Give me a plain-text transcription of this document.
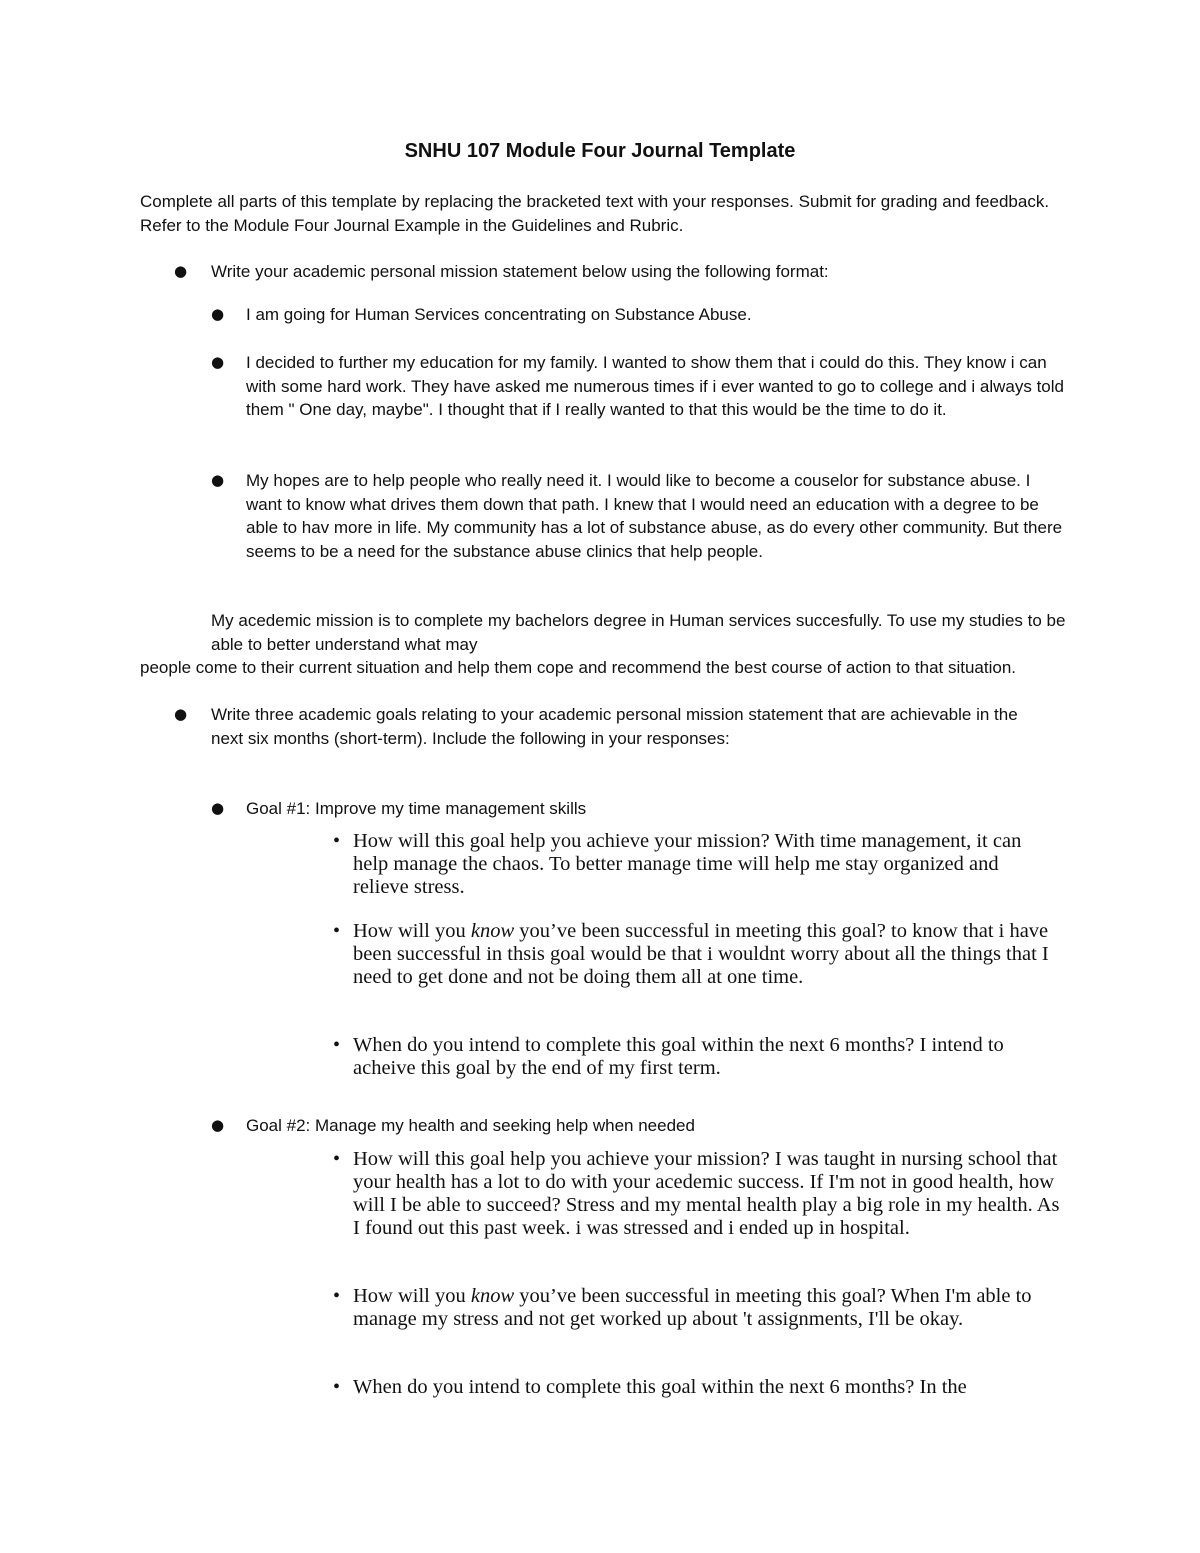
SNHU 107 Module Four Journal Template

Complete all parts of this template by replacing the bracketed text with your responses. Submit for grading and feedback. Refer to the Module Four Journal Example in the Guidelines and Rubric.

● Write your academic personal mission statement below using the following format:

● I am going for Human Services concentrating on Substance Abuse.

● I decided to further my education for my family. I wanted to show them that i could do this. They know i can with some hard work. They have asked me numerous times if i ever wanted to go to college and i always told them " One day, maybe". I thought that if I really wanted to that this would be the time to do it.

● My hopes are to help people who really need it. I would like to become a couselor for substance abuse. I want to know what drives them down that path. I knew that I would need an education with a degree to be able to hav more in life. My community has a lot of substance abuse, as do every other community. But there seems to be a need for the substance abuse clinics that help people.

My acedemic mission is to complete my bachelors degree in Human services succesfully. To use my studies to be able to better understand what may

people come to their current situation and help them cope and recommend the best course of action to that situation.

● Write three academic goals relating to your academic personal mission statement that are achievable in the next six months (short-term). Include the following in your responses:

● Goal #1: Improve my time management skills

• How will this goal help you achieve your mission? With time management, it can help manage the chaos. To better manage time will help me stay organized and relieve stress.

• How will you know you’ve been successful in meeting this goal? to know that i have been successful in thsis goal would be that i wouldnt worry about all the things that I need to get done and not be doing them all at one time.

• When do you intend to complete this goal within the next 6 months? I intend to acheive this goal by the end of my first term.

● Goal #2: Manage my health and seeking help when needed

• How will this goal help you achieve your mission? I was taught in nursing school that your health has a lot to do with your acedemic success. If I'm not in good health, how will I be able to succeed? Stress and my mental health play a big role in my health. As I found out this past week. i was stressed and i ended up in hospital.

• How will you know you’ve been successful in meeting this goal? When I'm able to manage my stress and not get worked up about 't assignments, I'll be okay.

• When do you intend to complete this goal within the next 6 months? In the
